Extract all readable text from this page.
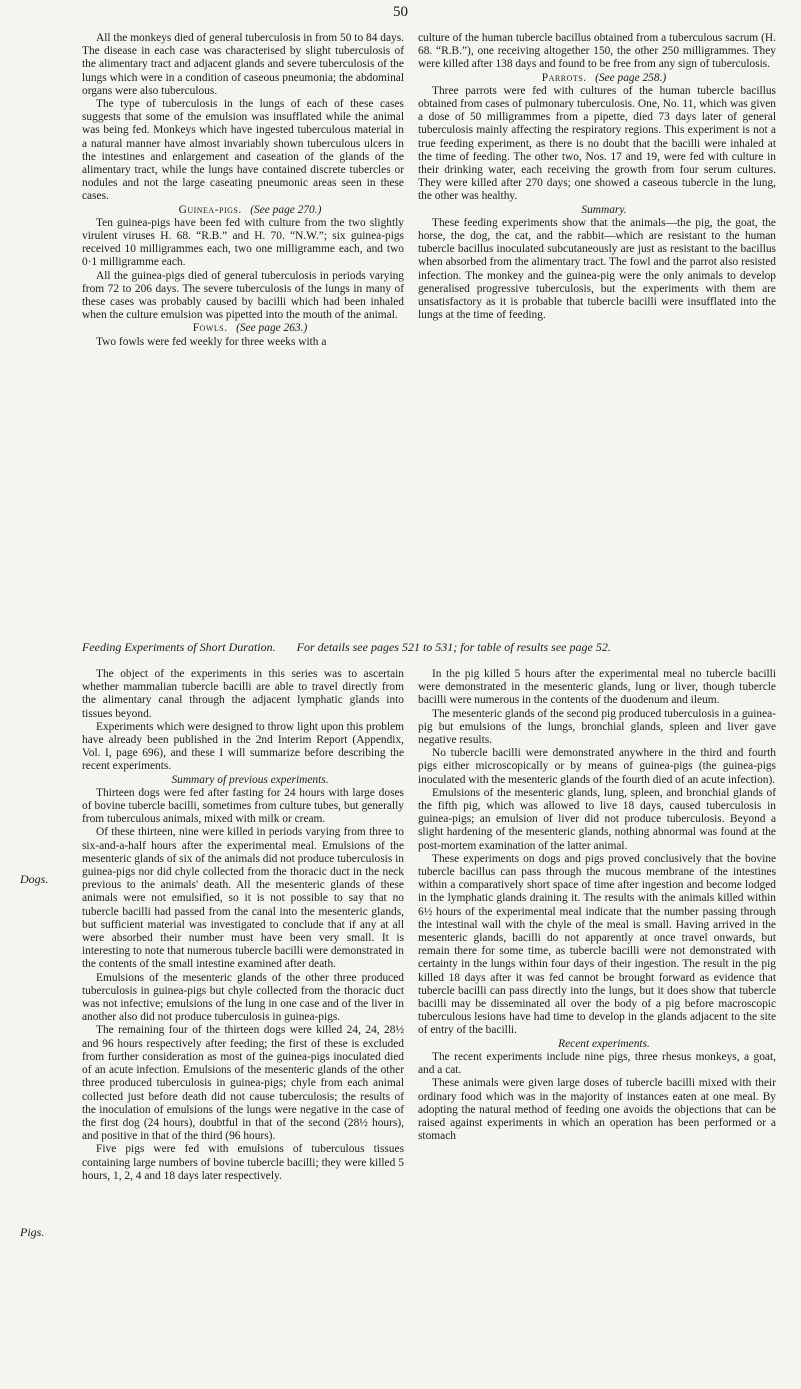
50

All the monkeys died of general tuberculosis in from 50 to 84 days. The disease in each case was characterised by slight tuberculosis of the alimentary tract and adjacent glands and severe tuberculosis of the lungs which were in a condition of caseous pneumonia; the abdominal organs were also tuberculous.

The type of tuberculosis in the lungs of each of these cases suggests that some of the emulsion was insufflated while the animal was being fed. Monkeys which have ingested tuberculous material in a natural manner have almost invariably shown tuberculous ulcers in the intestines and enlargement and caseation of the glands of the alimentary tract, while the lungs have contained discrete tubercles or nodules and not the large caseating pneumonic areas seen in these cases.

Guinea-pigs. (See page 270.)

Ten guinea-pigs have been fed with culture from the two slightly virulent viruses H. 68. “R.B.” and H. 70. “N.W.”; six guinea-pigs received 10 milligrammes each, two one milligramme each, and two 0·1 milligramme each.

All the guinea-pigs died of general tuberculosis in periods varying from 72 to 206 days. The severe tuberculosis of the lungs in many of these cases was probably caused by bacilli which had been inhaled when the culture emulsion was pipetted into the mouth of the animal.

Fowls. (See page 263.)

Two fowls were fed weekly for three weeks with a

culture of the human tubercle bacillus obtained from a tuberculous sacrum (H. 68. “R.B.”), one receiving altogether 150, the other 250 milligrammes. They were killed after 138 days and found to be free from any sign of tuberculosis.

Parrots. (See page 258.)

Three parrots were fed with cultures of the human tubercle bacillus obtained from cases of pulmonary tuberculosis. One, No. 11, which was given a dose of 50 milligrammes from a pipette, died 73 days later of general tuberculosis mainly affecting the respiratory regions. This experiment is not a true feeding experiment, as there is no doubt that the bacilli were inhaled at the time of feeding. The other two, Nos. 17 and 19, were fed with culture in their drinking water, each receiving the growth from four serum cultures. They were killed after 270 days; one showed a caseous tubercle in the lung, the other was healthy.

Summary.

These feeding experiments show that the animals—the pig, the goat, the horse, the dog, the cat, and the rabbit—which are resistant to the human tubercle bacillus inoculated subcutaneously are just as resistant to the bacillus when absorbed from the alimentary tract. The fowl and the parrot also resisted infection. The monkey and the guinea-pig were the only animals to develop generalised progressive tuberculosis, but the experiments with them are unsatisfactory as it is probable that tubercle bacilli were insufflated into the lungs at the time of feeding.

Feeding Experiments of Short Duration. For details see pages 521 to 531; for table of results see page 52.
Dogs.
Pigs.

The object of the experiments in this series was to ascertain whether mammalian tubercle bacilli are able to travel directly from the alimentary canal through the adjacent lymphatic glands into tissues beyond.

Experiments which were designed to throw light upon this problem have already been published in the 2nd Interim Report (Appendix, Vol. I, page 696), and these I will summarize before describing the recent experiments.

Summary of previous experiments.

Thirteen dogs were fed after fasting for 24 hours with large doses of bovine tubercle bacilli, sometimes from culture tubes, but generally from tuberculous animals, mixed with milk or cream.

Of these thirteen, nine were killed in periods varying from three to six-and-a-half hours after the experimental meal. Emulsions of the mesenteric glands of six of the animals did not produce tuberculosis in guinea-pigs nor did chyle collected from the thoracic duct in the neck previous to the animals' death. All the mesenteric glands of these animals were not emulsified, so it is not possible to say that no tubercle bacilli had passed from the canal into the mesenteric glands, but sufficient material was investigated to conclude that if any at all were absorbed their number must have been very small. It is interesting to note that numerous tubercle bacilli were demonstrated in the contents of the small intestine examined after death.

Emulsions of the mesenteric glands of the other three produced tuberculosis in guinea-pigs but chyle collected from the thoracic duct was not infective; emulsions of the lung in one case and of the liver in another also did not produce tuberculosis in guinea-pigs.

The remaining four of the thirteen dogs were killed 24, 24, 28½ and 96 hours respectively after feeding; the first of these is excluded from further consideration as most of the guinea-pigs inoculated died of an acute infection. Emulsions of the mesenteric glands of the other three produced tuberculosis in guinea-pigs; chyle from each animal collected just before death did not cause tuberculosis; the results of the inoculation of emulsions of the lungs were negative in the case of the first dog (24 hours), doubtful in that of the second (28½ hours), and positive in that of the third (96 hours).

Five pigs were fed with emulsions of tuberculous tissues containing large numbers of bovine tubercle bacilli; they were killed 5 hours, 1, 2, 4 and 18 days later respectively.

In the pig killed 5 hours after the experimental meal no tubercle bacilli were demonstrated in the mesenteric glands, lung or liver, though tubercle bacilli were numerous in the contents of the duodenum and ileum.

The mesenteric glands of the second pig produced tuberculosis in a guinea-pig but emulsions of the lungs, bronchial glands, spleen and liver gave negative results.

No tubercle bacilli were demonstrated anywhere in the third and fourth pigs either microscopically or by means of guinea-pigs (the guinea-pigs inoculated with the mesenteric glands of the fourth died of an acute infection).

Emulsions of the mesenteric glands, lung, spleen, and bronchial glands of the fifth pig, which was allowed to live 18 days, caused tuberculosis in guinea-pigs; an emulsion of liver did not produce tuberculosis. Beyond a slight hardening of the mesenteric glands, nothing abnormal was found at the post-mortem examination of the latter animal.

These experiments on dogs and pigs proved conclusively that the bovine tubercle bacillus can pass through the mucous membrane of the intestines within a comparatively short space of time after ingestion and become lodged in the lymphatic glands draining it. The results with the animals killed within 6½ hours of the experimental meal indicate that the number passing through the intestinal wall with the chyle of the meal is small. Having arrived in the mesenteric glands, bacilli do not apparently at once travel onwards, but remain there for some time, as tubercle bacilli were not demonstrated with certainty in the lungs within four days of their ingestion. The result in the pig killed 18 days after it was fed cannot be brought forward as evidence that tubercle bacilli can pass directly into the lungs, but it does show that tubercle bacilli may be disseminated all over the body of a pig before macroscopic tuberculous lesions have had time to develop in the glands adjacent to the site of entry of the bacilli.

Recent experiments.

The recent experiments include nine pigs, three rhesus monkeys, a goat, and a cat.

These animals were given large doses of tubercle bacilli mixed with their ordinary food which was in the majority of instances eaten at one meal. By adopting the natural method of feeding one avoids the objections that can be raised against experiments in which an operation has been performed or a stomach
